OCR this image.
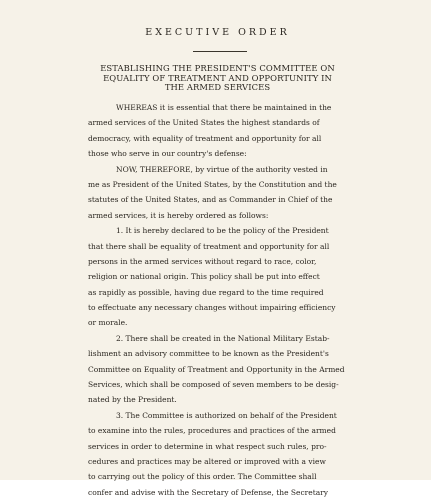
EXECUTIVE ORDER
ESTABLISHING THE PRESIDENT'S COMMITTEE ON
EQUALITY OF TREATMENT AND OPPORTUNITY IN
THE ARMED SERVICES
WHEREAS it is essential that there be maintained in the
armed services of the United States the highest standards of
democracy, with equality of treatment and opportunity for all
those who serve in our country's defense:
NOW, THEREFORE, by virtue of the authority vested in
me as President of the United States, by the Constitution and the
statutes of the United States, and as Commander in Chief of the
armed services, it is hereby ordered as follows:
1. It is hereby declared to be the policy of the President
that there shall be equality of treatment and opportunity for all
persons in the armed services without regard to race, color,
religion or national origin. This policy shall be put into effect
as rapidly as possible, having due regard to the time required
to effectuate any necessary changes without impairing efficiency
or morale.
2. There shall be created in the National Military Estab-
lishment an advisory committee to be known as the President's
Committee on Equality of Treatment and Opportunity in the Armed
Services, which shall be composed of seven members to be desig-
nated by the President.
3. The Committee is authorized on behalf of the President
to examine into the rules, procedures and practices of the armed
services in order to determine in what respect such rules, pro-
cedures and practices may be altered or improved with a view
to carrying out the policy of this order. The Committee shall
confer and advise with the Secretary of Defense, the Secretary
